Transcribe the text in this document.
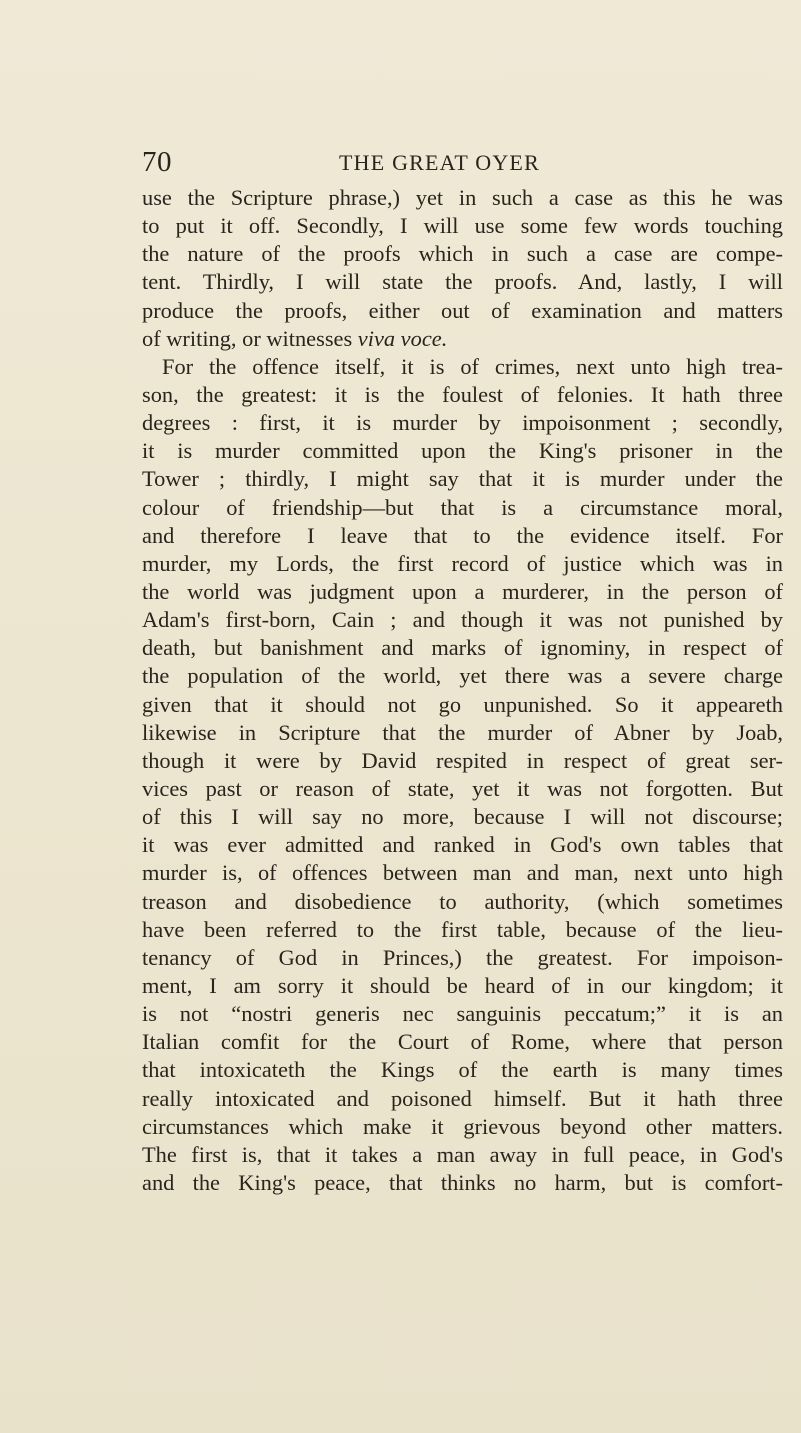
70	THE GREAT OYER
use the Scripture phrase,) yet in such a case as this he was
to put it off. Secondly, I will use some few words touching
the nature of the proofs which in such a case are compe-
tent. Thirdly, I will state the proofs. And, lastly, I will
produce the proofs, either out of examination and matters
of writing, or witnesses viva voce.
For the offence itself, it is of crimes, next unto high trea-
son, the greatest: it is the foulest of felonies. It hath three
degrees : first, it is murder by impoisonment ; secondly,
it is murder committed upon the King's prisoner in the
Tower ; thirdly, I might say that it is murder under the
colour of friendship—but that is a circumstance moral,
and therefore I leave that to the evidence itself. For
murder, my Lords, the first record of justice which was in
the world was judgment upon a murderer, in the person of
Adam's first-born, Cain ; and though it was not punished by
death, but banishment and marks of ignominy, in respect of
the population of the world, yet there was a severe charge
given that it should not go unpunished. So it appeareth
likewise in Scripture that the murder of Abner by Joab,
though it were by David respited in respect of great ser-
vices past or reason of state, yet it was not forgotten. But
of this I will say no more, because I will not discourse;
it was ever admitted and ranked in God's own tables that
murder is, of offences between man and man, next unto high
treason and disobedience to authority, (which sometimes
have been referred to the first table, because of the lieu-
tenancy of God in Princes,) the greatest. For impoison-
ment, I am sorry it should be heard of in our kingdom; it
is not “nostri generis nec sanguinis peccatum;” it is an
Italian comfit for the Court of Rome, where that person
that intoxicateth the Kings of the earth is many times
really intoxicated and poisoned himself. But it hath three
circumstances which make it grievous beyond other matters.
The first is, that it takes a man away in full peace, in God's
and the King's peace, that thinks no harm, but is comfort-
